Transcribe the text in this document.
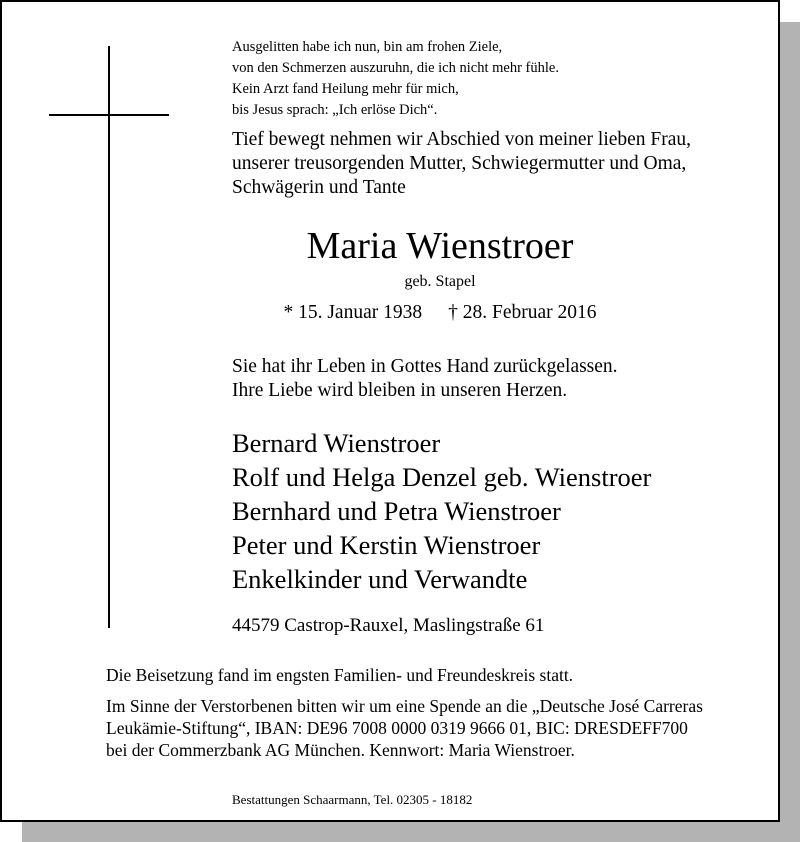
Ausgelitten habe ich nun, bin am frohen Ziele,
von den Schmerzen auszuruhn, die ich nicht mehr fühle.
Kein Arzt fand Heilung mehr für mich,
bis Jesus sprach: „Ich erlöse Dich“.
Tief bewegt nehmen wir Abschied von meiner lieben Frau,
unserer treusorgenden Mutter, Schwiegermutter und Oma,
Schwägerin und Tante
Maria Wienstroer
geb. Stapel
* 15. Januar 1938 † 28. Februar 2016
Sie hat ihr Leben in Gottes Hand zurückgelassen.
Ihre Liebe wird bleiben in unseren Herzen.
Bernard Wienstroer
Rolf und Helga Denzel geb. Wienstroer
Bernhard und Petra Wienstroer
Peter und Kerstin Wienstroer
Enkelkinder und Verwandte
44579 Castrop-Rauxel, Maslingstraße 61
Die Beisetzung fand im engsten Familien- und Freundeskreis statt.
Im Sinne der Verstorbenen bitten wir um eine Spende an die „Deutsche José Carreras
Leukämie-Stiftung“, IBAN: DE96 7008 0000 0319 9666 01, BIC: DRESDEFF700
bei der Commerzbank AG München. Kennwort: Maria Wienstroer.
Bestattungen Schaarmann, Tel. 02305 - 18182
